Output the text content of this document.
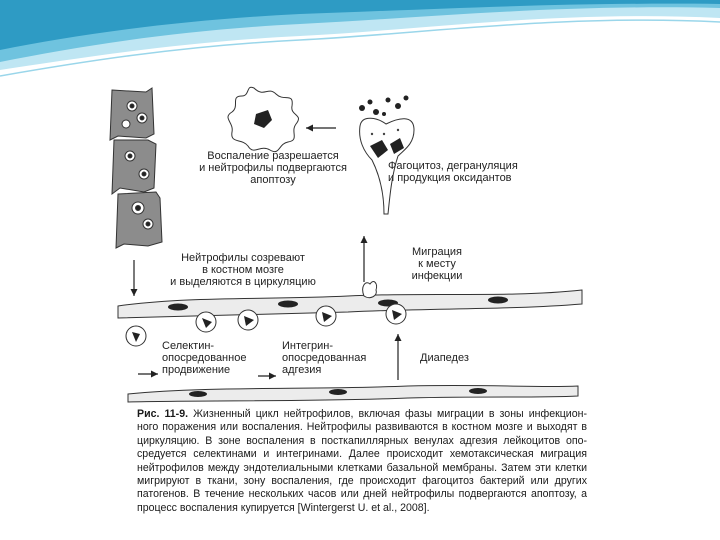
Воспаление разрешается
и нейтрофилы подвергаются
апоптозу
Фагоцитоз, дегрануляция
и продукция оксидантов
Нейтрофилы созревают
в костном мозге
и выделяются в циркуляцию
Миграция
к месту
инфекции
Селектин-
опосредованное
продвижение
Интегрин-
опосредованная
адгезия
Диапедез
Рис. 11-9. Жизненный цикл нейтрофилов, включая фазы миграции в зоны инфекцион- ного поражения или воспаления. Нейтрофилы развиваются в костном мозге и выходят в циркуляцию. В зоне воспаления в посткапиллярных венулах адгезия лейкоцитов опо- средуется селектинами и интегринами. Далее происходит хемотаксическая миграция нейтрофилов между эндотелиальными клетками базальной мембраны. Затем эти клетки мигрируют в ткани, зону воспаления, где происходит фагоцитоз бактерий или других патогенов. В течение нескольких часов или дней нейтрофилы подвергаются апоптозу, а процесс воспаления купируется [Wintergerst U. et al., 2008].
